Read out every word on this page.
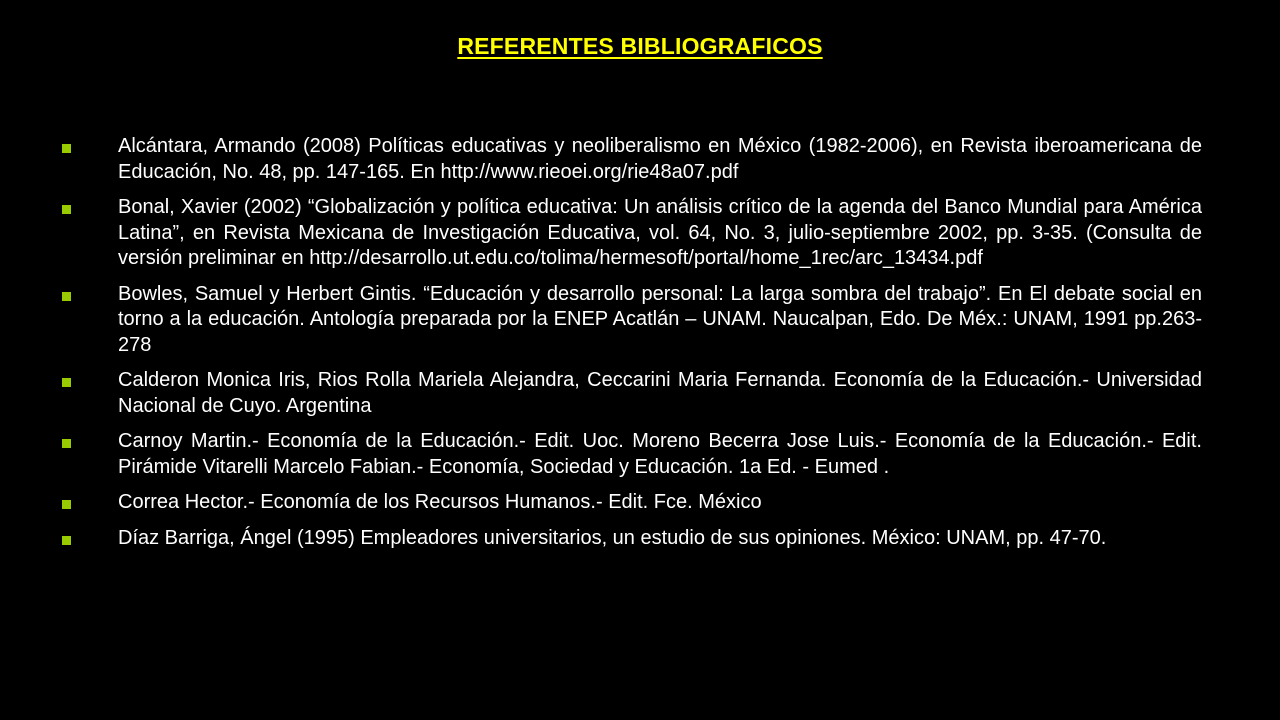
REFERENTES BIBLIOGRAFICOS
Alcántara, Armando (2008) Políticas educativas y neoliberalismo en México (1982-2006), en Revista iberoamericana de Educación, No. 48, pp. 147-165. En http://www.rieoei.org/rie48a07.pdf
Bonal, Xavier (2002) “Globalización y política educativa: Un análisis crítico de la agenda del Banco Mundial para América Latina”, en Revista Mexicana de Investigación Educativa, vol. 64, No. 3, julio-septiembre 2002, pp. 3-35. (Consulta de versión preliminar en http://desarrollo.ut.edu.co/tolima/hermesoft/portal/home_1rec/arc_13434.pdf
Bowles, Samuel y Herbert Gintis. “Educación y desarrollo personal: La larga sombra del trabajo”. En El debate social en torno a la educación. Antología preparada por la ENEP Acatlán – UNAM. Naucalpan, Edo. De Méx.: UNAM, 1991 pp.263-278
Calderon Monica Iris, Rios Rolla Mariela Alejandra, Ceccarini Maria Fernanda. Economía de la Educación.- Universidad Nacional de Cuyo. Argentina
Carnoy Martin.- Economía de la Educación.- Edit. Uoc. Moreno Becerra Jose Luis.- Economía de la Educación.- Edit. Pirámide Vitarelli Marcelo Fabian.- Economía, Sociedad y Educación. 1a Ed. - Eumed .
Correa Hector.- Economía de los Recursos Humanos.- Edit. Fce. México
Díaz Barriga, Ángel (1995) Empleadores universitarios, un estudio de sus opiniones. México: UNAM, pp. 47-70.
